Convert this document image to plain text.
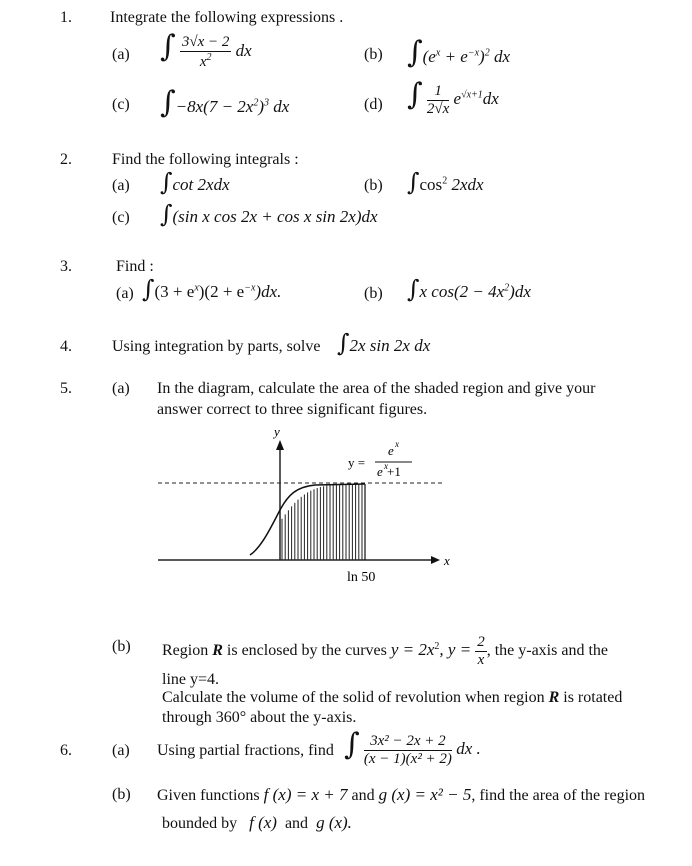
1. Integrate the following expressions .
(a) ∫ $\frac{3√x - 2}{x^2}$ dx	(b) $\int(e^x + e^{-x})^2$ dx
(c) $\int-8x(7 - 2x^2)^3$ dx	(d) ∫ $\frac{1}{2√x} e^{√x+1}dx$
2.	Find the following integrals :
(a) ∫cot 2xdx	(b) $\int\cos^2$ 2xdx
(c) ∫(sin x cos 2x + cos x sin 2x)dx
3.	Find :
(a) $\int(3 + e^x)(2 + e^{-x})dx$.	(b) ∫x $\cos(2 - 4x^2)dx$
4.	Using integration by parts, solve ∫2x sin 2x dx
5.	(a) In the diagram, calculate the area of the shaded region and give your
answer correct to three significant figures.
y
x
y =
e x
e x +1
ln 50
(b) Region R is enclosed by the curves $y = 2x^2$, $y = \frac{2}{x}$ , the y-axis and the
line y=4.
Calculate the volume of the solid of revolution when region R is rotated
through 360° about the y-axis.
6.	(a) Using partial fractions, find ∫ $\frac{\text{3x² − 2x + 2}}{\text{(x − 1)(x² + 2)}}$ dx .
(b) Given functions f (x) = x + 7 and g (x) = x² − 5, find the area of the region
bounded by f (x) and g (x).
